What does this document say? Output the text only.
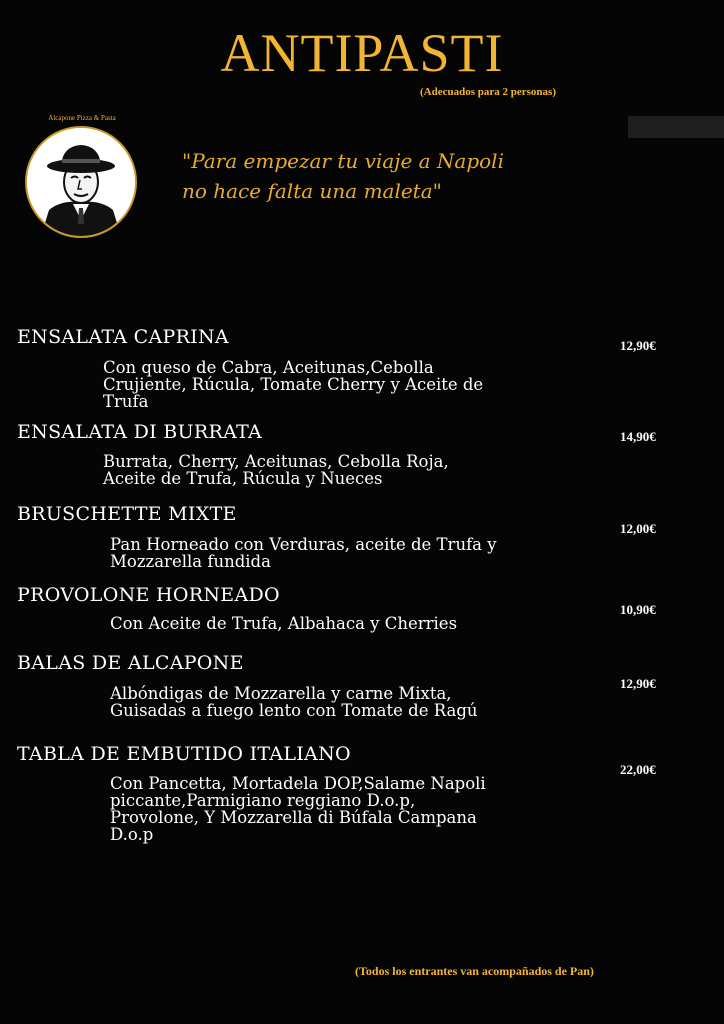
ANTIPASTI
(Adecuados para 2 personas)
Alcapone Pizza & Pasta

"Para empezar tu viaje a Napoli

no hace falta una maleta"

ENSALATA CAPRINA

Con queso de Cabra, Aceitunas,Cebolla

Crujiente, Rúcula, Tomate Cherry y Aceite de

Trufa

12,90€
ENSALATA DI BURRATA

Burrata, Cherry, Aceitunas, Cebolla Roja,

Aceite de Trufa, Rúcula y Nueces

14,90€
BRUSCHETTE MIXTE

Pan Horneado con Verduras, aceite de Trufa y

Mozzarella fundida

12,00€
PROVOLONE HORNEADO

Con Aceite de Trufa, Albahaca y Cherries

10,90€
BALAS DE ALCAPONE

Albóndigas de Mozzarella y carne Mixta,

Guisadas a fuego lento con Tomate de Ragú

12,90€
TABLA DE EMBUTIDO ITALIANO

Con Pancetta, Mortadela DOP,Salame Napoli

piccante,Parmigiano reggiano D.o.p,

Provolone, Y Mozzarella di Búfala Campana

D.o.p

22,00€
(Todos los entrantes van acompañados de Pan)
